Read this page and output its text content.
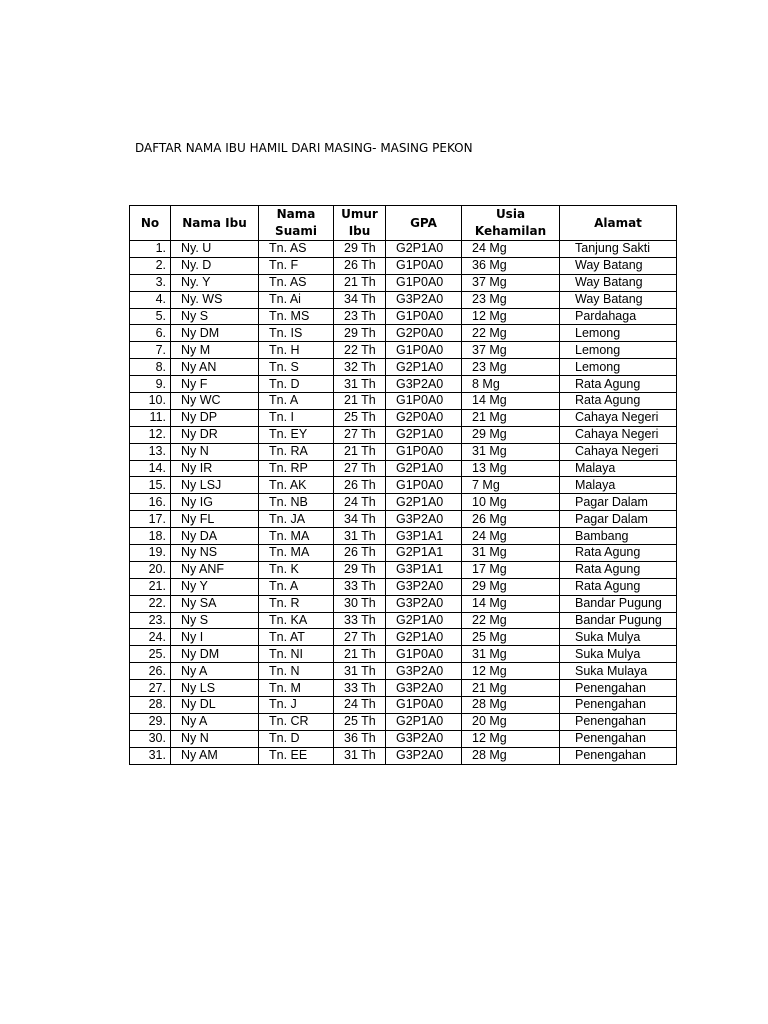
DAFTAR NAMA IBU HAMIL DARI MASING- MASING PEKON
No	Nama Ibu	Nama Suami	Umur Ibu	GPA	Usia Kehamilan	Alamat
1.	Ny. U	Tn. AS	29 Th	G2P1A0	24 Mg	Tanjung Sakti
2.	Ny. D	Tn. F	26 Th	G1P0A0	36 Mg	Way Batang
3.	Ny. Y	Tn. AS	21 Th	G1P0A0	37 Mg	Way Batang
4.	Ny. WS	Tn. Ai	34 Th	G3P2A0	23 Mg	Way Batang
5.	Ny S	Tn. MS	23 Th	G1P0A0	12 Mg	Pardahaga
6.	Ny DM	Tn. IS	29 Th	G2P0A0	22 Mg	Lemong
7.	Ny M	Tn. H	22 Th	G1P0A0	37 Mg	Lemong
8.	Ny AN	Tn. S	32 Th	G2P1A0	23 Mg	Lemong
9.	Ny F	Tn. D	31 Th	G3P2A0	8 Mg	Rata Agung
10.	Ny WC	Tn. A	21 Th	G1P0A0	14 Mg	Rata Agung
11.	Ny DP	Tn. I	25 Th	G2P0A0	21 Mg	Cahaya Negeri
12.	Ny DR	Tn. EY	27 Th	G2P1A0	29 Mg	Cahaya Negeri
13.	Ny N	Tn. RA	21 Th	G1P0A0	31 Mg	Cahaya Negeri
14.	Ny IR	Tn. RP	27 Th	G2P1A0	13 Mg	Malaya
15.	Ny LSJ	Tn. AK	26 Th	G1P0A0	7 Mg	Malaya
16.	Ny IG	Tn. NB	24 Th	G2P1A0	10 Mg	Pagar Dalam
17.	Ny FL	Tn. JA	34 Th	G3P2A0	26 Mg	Pagar Dalam
18.	Ny DA	Tn. MA	31 Th	G3P1A1	24 Mg	Bambang
19.	Ny NS	Tn. MA	26 Th	G2P1A1	31 Mg	Rata Agung
20.	Ny ANF	Tn. K	29 Th	G3P1A1	17 Mg	Rata Agung
21.	Ny Y	Tn. A	33 Th	G3P2A0	29 Mg	Rata Agung
22.	Ny SA	Tn. R	30 Th	G3P2A0	14 Mg	Bandar Pugung
23.	Ny S	Tn. KA	33 Th	G2P1A0	22 Mg	Bandar Pugung
24.	Ny I	Tn. AT	27 Th	G2P1A0	25 Mg	Suka Mulya
25.	Ny DM	Tn. NI	21 Th	G1P0A0	31 Mg	Suka Mulya
26.	Ny A	Tn. N	31 Th	G3P2A0	12 Mg	Suka Mulaya
27.	Ny LS	Tn. M	33 Th	G3P2A0	21 Mg	Penengahan
28.	Ny DL	Tn. J	24 Th	G1P0A0	28 Mg	Penengahan
29.	Ny A	Tn. CR	25 Th	G2P1A0	20 Mg	Penengahan
30.	Ny N	Tn. D	36 Th	G3P2A0	12 Mg	Penengahan
31.	Ny AM	Tn. EE	31 Th	G3P2A0	28 Mg	Penengahan
